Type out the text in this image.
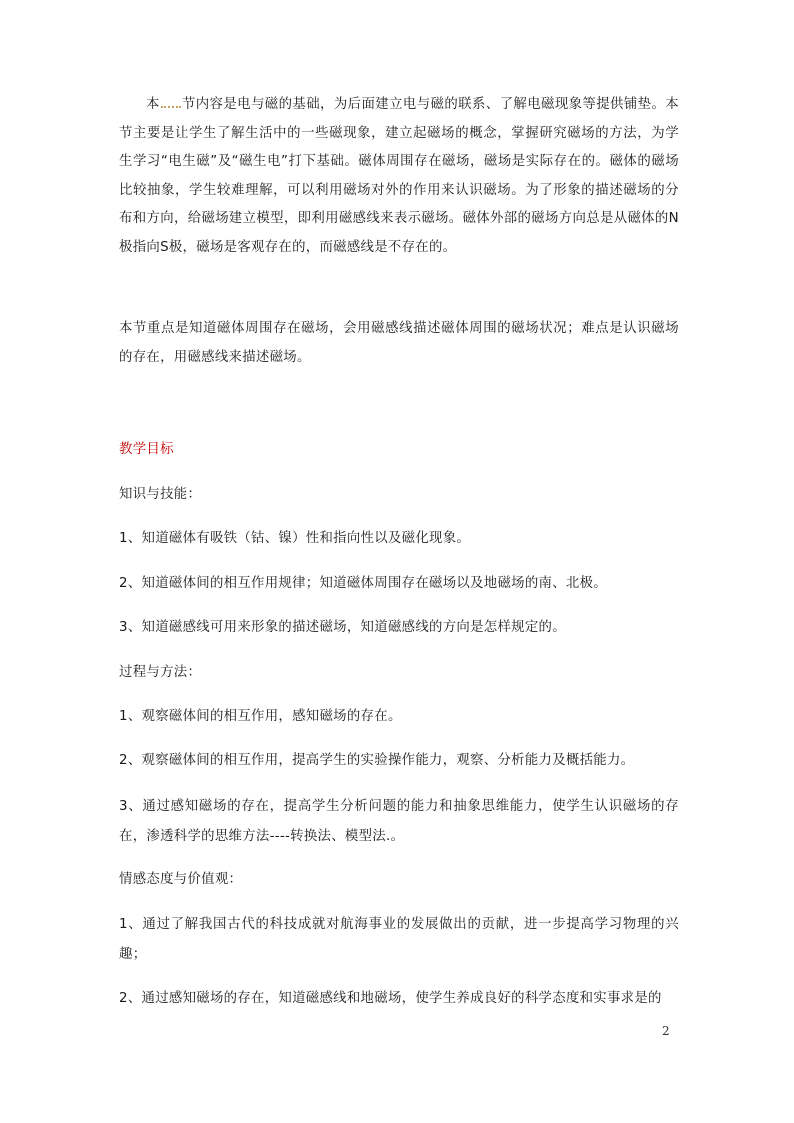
本 节内容是电与磁的基础，为后面建立电与磁的联系、了解电磁现象等提供铺垫。本节主要是让学生了解生活中的一些磁现象，建立起磁场的概念，掌握研究磁场的方法，为学生学习“电生磁”及“磁生电”打下基础。磁体周围存在磁场，磁场是实际存在的。磁体的磁场比较抽象，学生较难理解，可以利用磁场对外的作用来认识磁场。为了形象的描述磁场的分布和方向，给磁场建立模型，即利用磁感线来表示磁场。磁体外部的磁场方向总是从磁体的N极指向S极，磁场是客观存在的，而磁感线是不存在的。
本节重点是知道磁体周围存在磁场，会用磁感线描述磁体周围的磁场状况；难点是认识磁场的存在，用磁感线来描述磁场。
教学目标
知识与技能：
1、知道磁体有吸铁（钴、镍）性和指向性以及磁化现象。
2、知道磁体间的相互作用规律；知道磁体周围存在磁场以及地磁场的南、北极。
3、知道磁感线可用来形象的描述磁场，知道磁感线的方向是怎样规定的。
过程与方法：
1、观察磁体间的相互作用，感知磁场的存在。
2、观察磁体间的相互作用，提高学生的实验操作能力，观察、分析能力及概括能力。
3、通过感知磁场的存在，提高学生分析问题的能力和抽象思维能力，使学生认识磁场的存在，渗透科学的思维方法----转换法、模型法.。
情感态度与价值观：
1、通过了解我国古代的科技成就对航海事业的发展做出的贡献，进一步提高学习物理的兴趣；
2、通过感知磁场的存在，知道磁感线和地磁场，使学生养成良好的科学态度和实事求是的
2
